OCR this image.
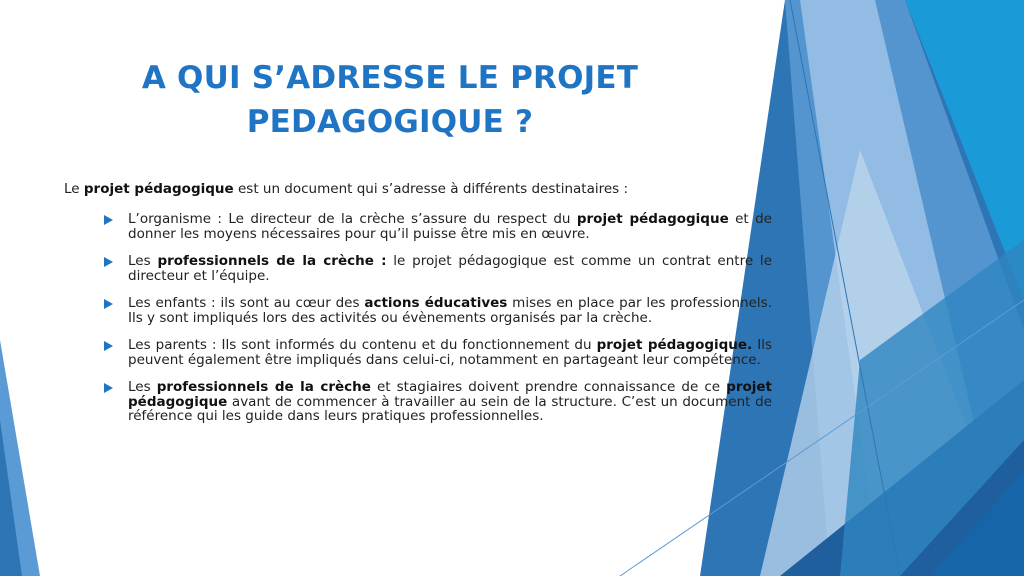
A QUI S’ADRESSE LE PROJET
PEDAGOGIQUE ?
Le projet pédagogique est un document qui s’adresse à différents destinataires :
L’organisme : Le directeur de la crèche s’assure du respect du projet pédagogique et de donner les moyens nécessaires pour qu’il puisse être mis en œuvre.
Les professionnels de la crèche : le projet pédagogique est comme un contrat entre le directeur et l’équipe.
Les enfants : ils sont au cœur des actions éducatives mises en place par les professionnels. Ils y sont impliqués lors des activités ou évènements organisés par la crèche.
Les parents : Ils sont informés du contenu et du fonctionnement du projet pédagogique. Ils peuvent également être impliqués dans celui-ci, notamment en partageant leur compétence.
Les professionnels de la crèche et stagiaires doivent prendre connaissance de ce projet pédagogique avant de commencer à travailler au sein de la structure. C’est un document de référence qui les guide dans leurs pratiques professionnelles.
